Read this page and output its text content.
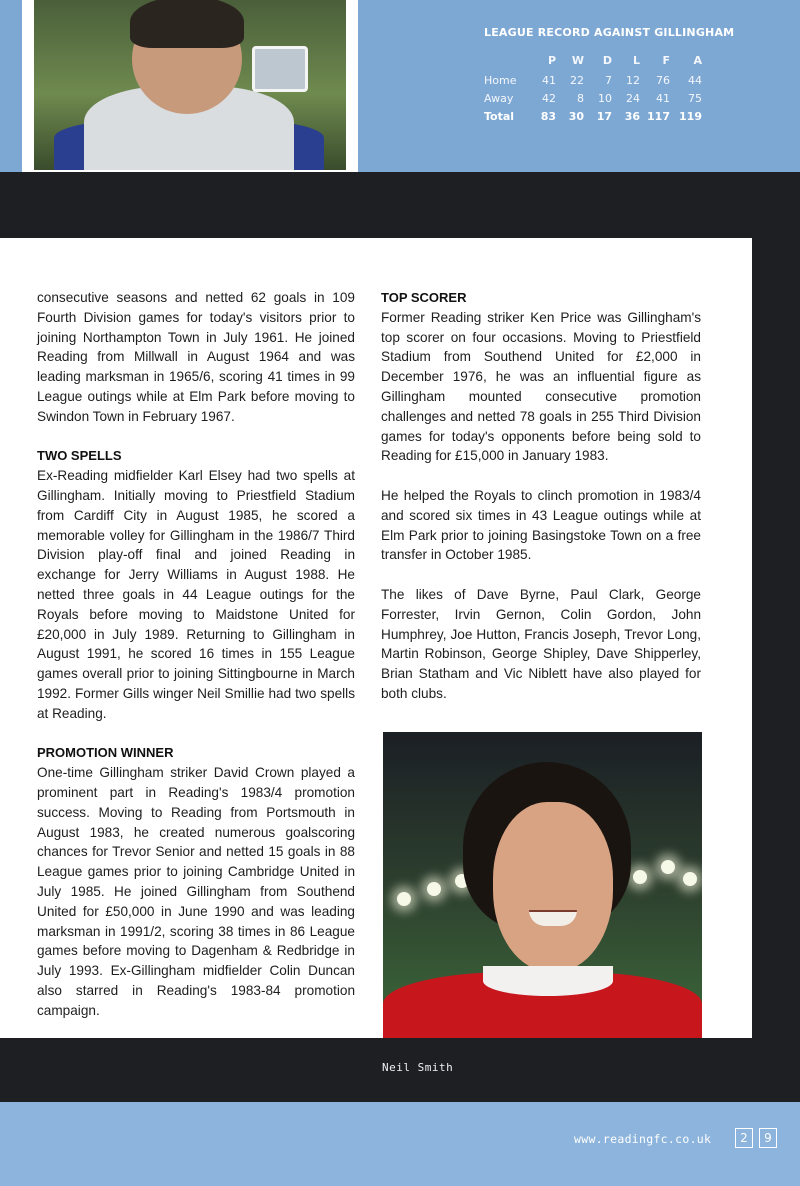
LEAGUE RECORD AGAINST GILLINGHAM
	P	W	D	L	F	A
Home	41	22	7	12	76	44
Away	42	8	10	24	41	75
Total	83	30	17	36	117	119

consecutive seasons and netted 62 goals in 109 Fourth Division games for today's visitors prior to joining Northampton Town in July 1961. He joined Reading from Millwall in August 1964 and was leading marksman in 1965/6, scoring 41 times in 99 League outings while at Elm Park before moving to Swindon Town in February 1967.

TWO SPELLS

Ex-Reading midfielder Karl Elsey had two spells at Gillingham. Initially moving to Priestfield Stadium from Cardiff City in August 1985, he scored a memorable volley for Gillingham in the 1986/7 Third Division play-off final and joined Reading in exchange for Jerry Williams in August 1988. He netted three goals in 44 League outings for the Royals before moving to Maidstone United for £20,000 in July 1989. Returning to Gillingham in August 1991, he scored 16 times in 155 League games overall prior to joining Sittingbourne in March 1992. Former Gills winger Neil Smillie had two spells at Reading.

PROMOTION WINNER

One-time Gillingham striker David Crown played a prominent part in Reading's 1983/4 promotion success. Moving to Reading from Portsmouth in August 1983, he created numerous goalscoring chances for Trevor Senior and netted 15 goals in 88 League games prior to joining Cambridge United in July 1985. He joined Gillingham from Southend United for £50,000 in June 1990 and was leading marksman in 1991/2, scoring 38 times in 86 League games before moving to Dagenham & Redbridge in July 1993. Ex-Gillingham midfielder Colin Duncan also starred in Reading's 1983-84 promotion campaign.

TOP SCORER

Former Reading striker Ken Price was Gillingham's top scorer on four occasions. Moving to Priestfield Stadium from Southend United for £2,000 in December 1976, he was an influential figure as Gillingham mounted consecutive promotion challenges and netted 78 goals in 255 Third Division games for today's opponents before being sold to Reading for £15,000 in January 1983.

He helped the Royals to clinch promotion in 1983/4 and scored six times in 43 League outings while at Elm Park prior to joining Basingstoke Town on a free transfer in October 1985.

The likes of Dave Byrne, Paul Clark, George Forrester, Irvin Gernon, Colin Gordon, John Humphrey, Joe Hutton, Francis Joseph, Trevor Long, Martin Robinson, George Shipley, Dave Shipperley, Brian Statham and Vic Niblett have also played for both clubs.

Neil Smith
www.readingfc.co.uk	2	9
